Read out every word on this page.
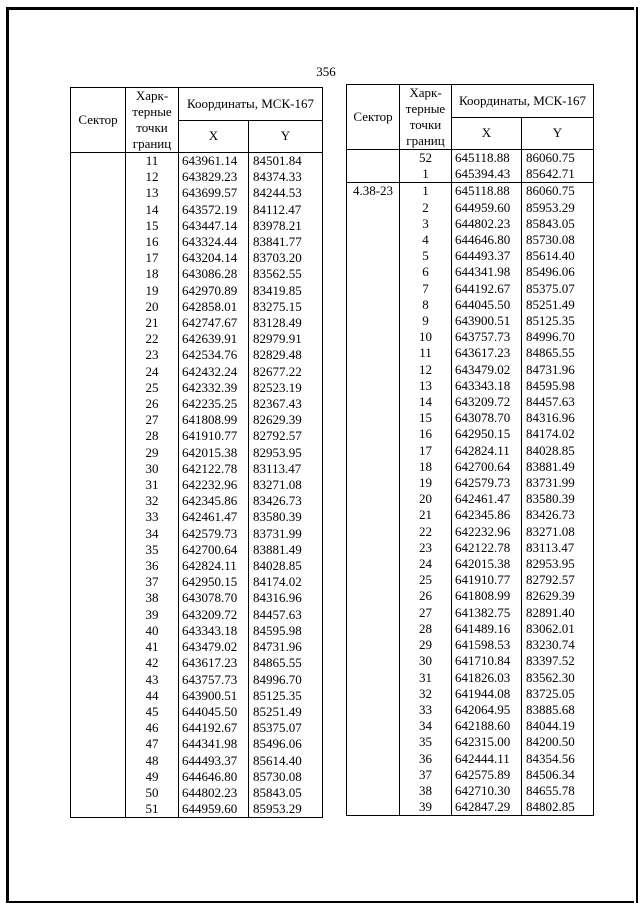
356
Сектор	Харк-терные точки границ	Координаты, МСК-167	
		X	Y
	11	643961.14	84501.84
	12	643829.23	84374.33
	13	643699.57	84244.53
	14	643572.19	84112.47
	15	643447.14	83978.21
	16	643324.44	83841.77
	17	643204.14	83703.20
	18	643086.28	83562.55
	19	642970.89	83419.85
	20	642858.01	83275.15
	21	642747.67	83128.49
	22	642639.91	82979.91
	23	642534.76	82829.48
	24	642432.24	82677.22
	25	642332.39	82523.19
	26	642235.25	82367.43
	27	641808.99	82629.39
	28	641910.77	82792.57
	29	642015.38	82953.95
	30	642122.78	83113.47
	31	642232.96	83271.08
	32	642345.86	83426.73
	33	642461.47	83580.39
	34	642579.73	83731.99
	35	642700.64	83881.49
	36	642824.11	84028.85
	37	642950.15	84174.02
	38	643078.70	84316.96
	39	643209.72	84457.63
	40	643343.18	84595.98
	41	643479.02	84731.96
	42	643617.23	84865.55
	43	643757.73	84996.70
	44	643900.51	85125.35
	45	644045.50	85251.49
	46	644192.67	85375.07
	47	644341.98	85496.06
	48	644493.37	85614.40
	49	644646.80	85730.08
	50	644802.23	85843.05
	51	644959.60	85953.29
Сектор	Харк-терные точки границ	Координаты, МСК-167	
		X	Y
	52	645118.88	86060.75
	1	645394.43	85642.71
4.38-23	1	645118.88	86060.75
	2	644959.60	85953.29
	3	644802.23	85843.05
	4	644646.80	85730.08
	5	644493.37	85614.40
	6	644341.98	85496.06
	7	644192.67	85375.07
	8	644045.50	85251.49
	9	643900.51	85125.35
	10	643757.73	84996.70
	11	643617.23	84865.55
	12	643479.02	84731.96
	13	643343.18	84595.98
	14	643209.72	84457.63
	15	643078.70	84316.96
	16	642950.15	84174.02
	17	642824.11	84028.85
	18	642700.64	83881.49
	19	642579.73	83731.99
	20	642461.47	83580.39
	21	642345.86	83426.73
	22	642232.96	83271.08
	23	642122.78	83113.47
	24	642015.38	82953.95
	25	641910.77	82792.57
	26	641808.99	82629.39
	27	641382.75	82891.40
	28	641489.16	83062.01
	29	641598.53	83230.74
	30	641710.84	83397.52
	31	641826.03	83562.30
	32	641944.08	83725.05
	33	642064.95	83885.68
	34	642188.60	84044.19
	35	642315.00	84200.50
	36	642444.11	84354.56
	37	642575.89	84506.34
	38	642710.30	84655.78
	39	642847.29	84802.85
